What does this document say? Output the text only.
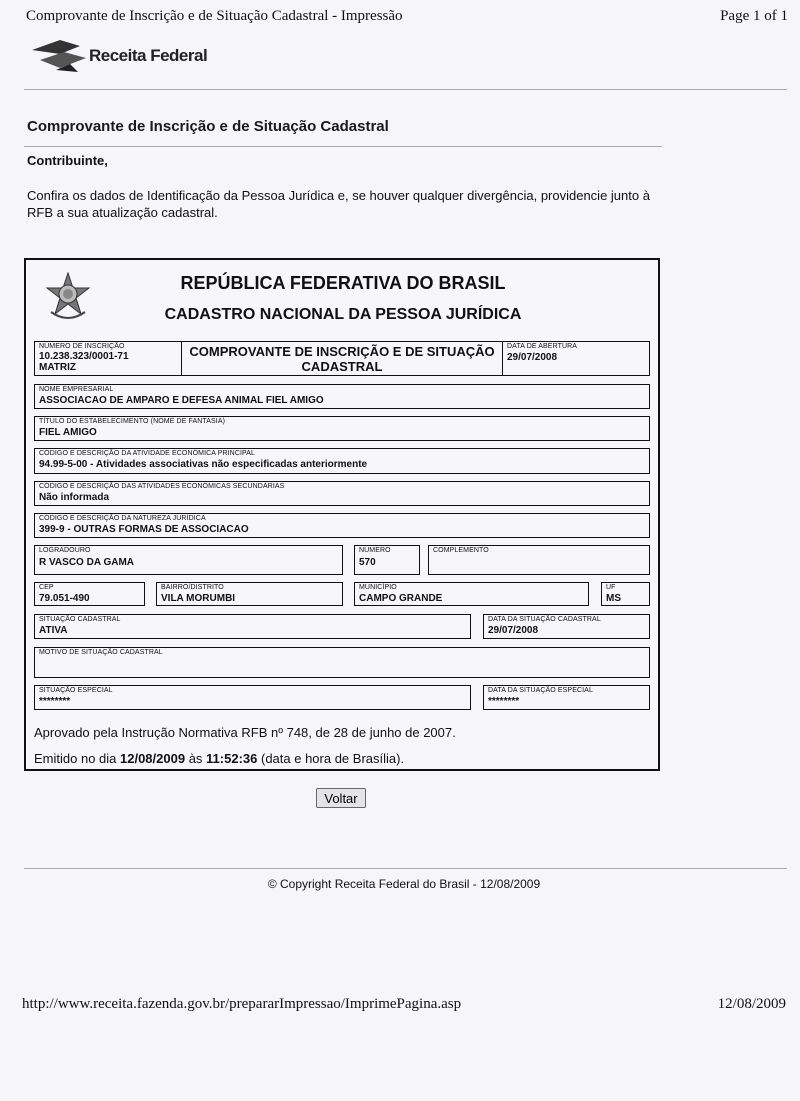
Comprovante de Inscrição e de Situação Cadastral - Impressão	Page 1 of 1
Receita Federal
Comprovante de Inscrição e de Situação Cadastral
Contribuinte,
Confira os dados de Identificação da Pessoa Jurídica e, se houver qualquer divergência, providencie junto à RFB a sua atualização cadastral.
REPÚBLICA FEDERATIVA DO BRASIL
CADASTRO NACIONAL DA PESSOA JURÍDICA
NÚMERO DE INSCRIÇÃO
10.238.323/0001-71
MATRIZ
COMPROVANTE DE INSCRIÇÃO E DE SITUAÇÃO CADASTRAL
DATA DE ABERTURA
29/07/2008
NOME EMPRESARIAL
ASSOCIACAO DE AMPARO E DEFESA ANIMAL FIEL AMIGO
TÍTULO DO ESTABELECIMENTO (NOME DE FANTASIA)
FIEL AMIGO
CÓDIGO E DESCRIÇÃO DA ATIVIDADE ECONÔMICA PRINCIPAL
94.99-5-00 - Atividades associativas não especificadas anteriormente
CÓDIGO E DESCRIÇÃO DAS ATIVIDADES ECONÔMICAS SECUNDÁRIAS
Não informada
CÓDIGO E DESCRIÇÃO DA NATUREZA JURÍDICA
399-9 - OUTRAS FORMAS DE ASSOCIACAO
LOGRADOURO
R VASCO DA GAMA
NÚMERO
570
COMPLEMENTO
CEP
79.051-490
BAIRRO/DISTRITO
VILA MORUMBI
MUNICÍPIO
CAMPO GRANDE
UF
MS
SITUAÇÃO CADASTRAL
ATIVA
DATA DA SITUAÇÃO CADASTRAL
29/07/2008
MOTIVO DE SITUAÇÃO CADASTRAL
SITUAÇÃO ESPECIAL
********
DATA DA SITUAÇÃO ESPECIAL
********
Aprovado pela Instrução Normativa RFB nº 748, de 28 de junho de 2007.
Emitido no dia 12/08/2009 às 11:52:36 (data e hora de Brasília).
Voltar
© Copyright Receita Federal do Brasil - 12/08/2009
http://www.receita.fazenda.gov.br/prepararImpressao/ImprimePagina.asp	12/08/2009
